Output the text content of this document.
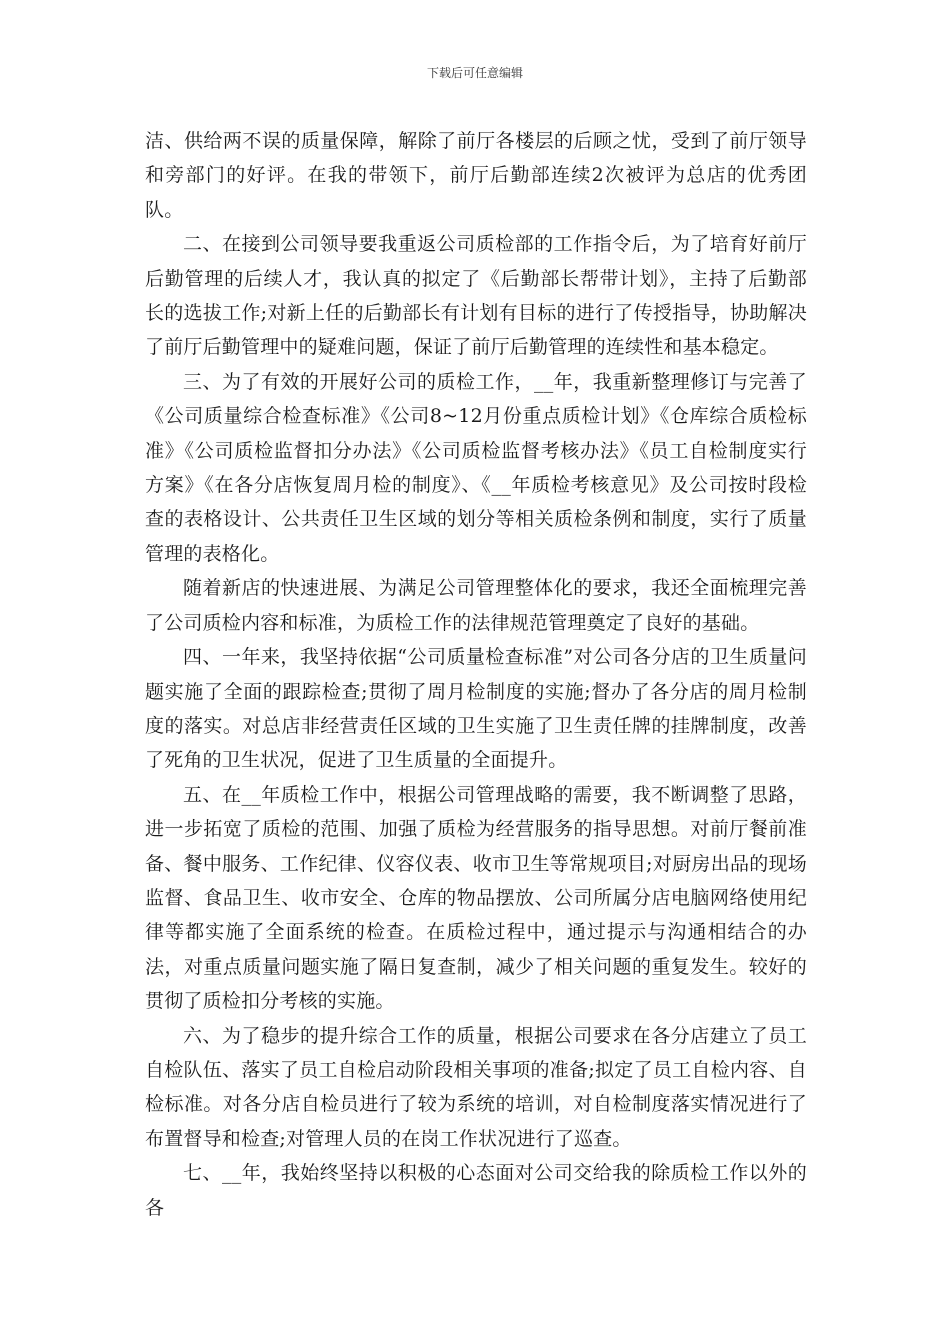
下载后可任意编辑

洁、供给两不误的质量保障，解除了前厅各楼层的后顾之忧，受到了前厅领导和旁部门的好评。在我的带领下，前厅后勤部连续2次被评为总店的优秀团队。

二、在接到公司领导要我重返公司质检部的工作指令后，为了培育好前厅后勤管理的后续人才，我认真的拟定了《后勤部长帮带计划》，主持了后勤部长的选拔工作;对新上任的后勤部长有计划有目标的进行了传授指导，协助解决了前厅后勤管理中的疑难问题，保证了前厅后勤管理的连续性和基本稳定。

三、为了有效的开展好公司的质检工作，__年，我重新整理修订与完善了《公司质量综合检查标准》《公司8~12月份重点质检计划》《仓库综合质检标准》《公司质检监督扣分办法》《公司质检监督考核办法》《员工自检制度实行方案》《在各分店恢复周月检的制度》、《__年质检考核意见》及公司按时段检查的表格设计、公共责任卫生区域的划分等相关质检条例和制度，实行了质量管理的表格化。

随着新店的快速进展、为满足公司管理整体化的要求，我还全面梳理完善了公司质检内容和标准，为质检工作的法律规范管理奠定了良好的基础。

四、一年来，我坚持依据“公司质量检查标准”对公司各分店的卫生质量问题实施了全面的跟踪检查;贯彻了周月检制度的实施;督办了各分店的周月检制度的落实。对总店非经营责任区域的卫生实施了卫生责任牌的挂牌制度，改善了死角的卫生状况，促进了卫生质量的全面提升。

五、在__年质检工作中，根据公司管理战略的需要，我不断调整了思路，进一步拓宽了质检的范围、加强了质检为经营服务的指导思想。对前厅餐前准备、餐中服务、工作纪律、仪容仪表、收市卫生等常规项目;对厨房出品的现场监督、食品卫生、收市安全、仓库的物品摆放、公司所属分店电脑网络使用纪律等都实施了全面系统的检查。在质检过程中，通过提示与沟通相结合的办法，对重点质量问题实施了隔日复查制，减少了相关问题的重复发生。较好的贯彻了质检扣分考核的实施。

六、为了稳步的提升综合工作的质量，根据公司要求在各分店建立了员工自检队伍、落实了员工自检启动阶段相关事项的准备;拟定了员工自检内容、自检标准。对各分店自检员进行了较为系统的培训，对自检制度落实情况进行了布置督导和检查;对管理人员的在岗工作状况进行了巡查。

七、__年，我始终坚持以积极的心态面对公司交给我的除质检工作以外的各
